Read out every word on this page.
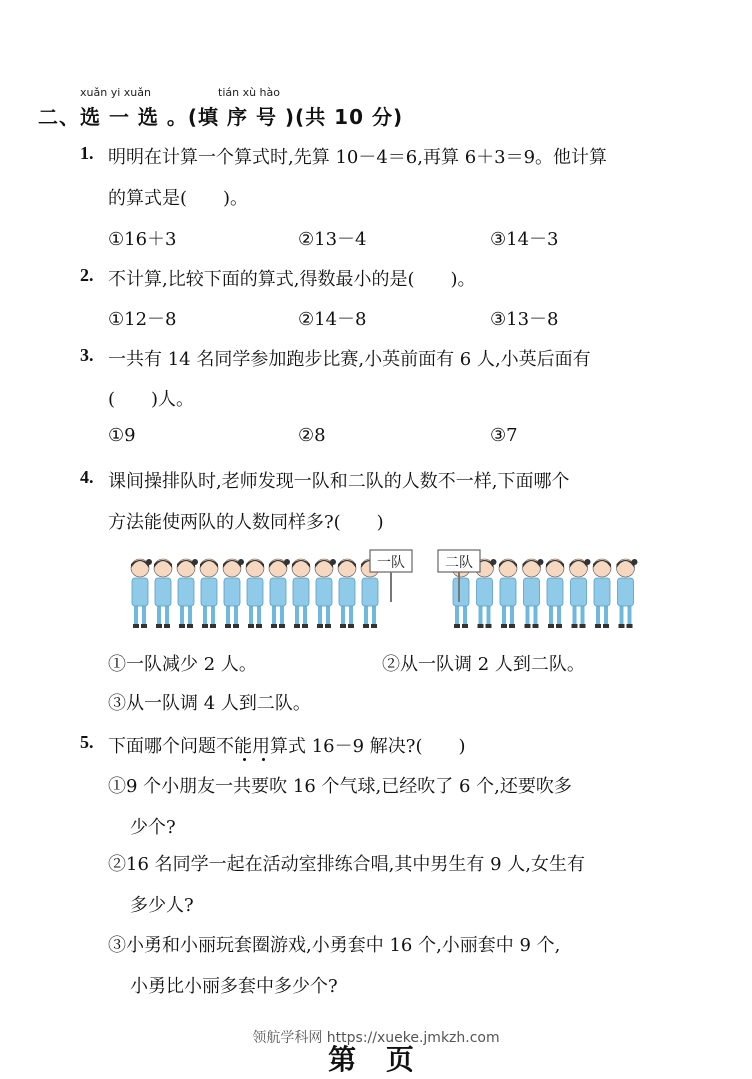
xuǎn yi xuǎn	tián xù hào
二、选 一 选 。(填 序 号 )(共 10 分)
1. 明明在计算一个算式时,先算 10－4＝6,再算 6＋3＝9。他计算
的算式是(　　)。
①16＋3	②13－4	③14－3
2. 不计算,比较下面的算式,得数最小的是(　　)。
①12－8	②14－8	③13－8
3. 一共有 14 名同学参加跑步比赛,小英前面有 6 人,小英后面有
(　　)人。
①9	②8	③7
4. 课间操排队时,老师发现一队和二队的人数不一样,下面哪个
方法能使两队的人数同样多?(　　)
一队	二队
①一队减少 2 人。	②从一队调 2 人到二队。
③从一队调 4 人到二队。
5. 下面哪个问题不能用算式 16－9 解决?(　　)
①9 个小朋友一共要吹 16 个气球,已经吹了 6 个,还要吹多
少个?
②16 名同学一起在活动室排练合唱,其中男生有 9 人,女生有
多少人?
③小勇和小丽玩套圈游戏,小勇套中 16 个,小丽套中 9 个,
小勇比小丽多套中多少个?
领航学科网 https://xueke.jmkzh.com
第 页
